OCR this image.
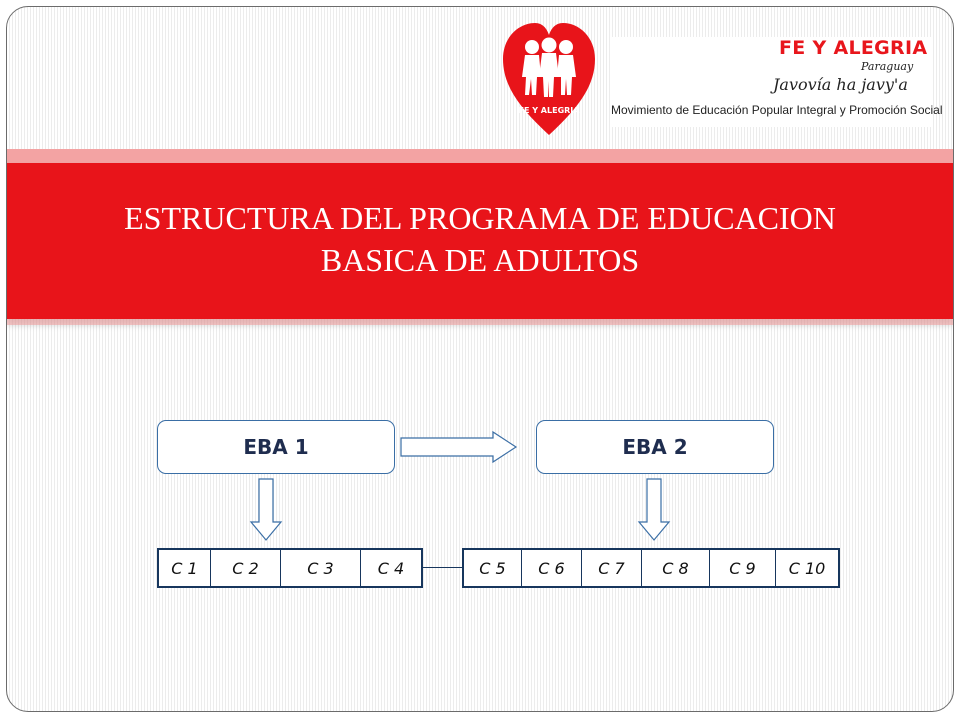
FE Y ALEGRIA
FE Y ALEGRIA
Paraguay
Javovía ha javy'a
Movimiento de Educación Popular Integral y Promoción Social
ESTRUCTURA DEL PROGRAMA DE EDUCACION
BASICA DE ADULTOS
EBA 1	EBA 2
C 1	C 2	C 3	C 4	C 5	C 6	C 7	C 8	C 9	C 10
